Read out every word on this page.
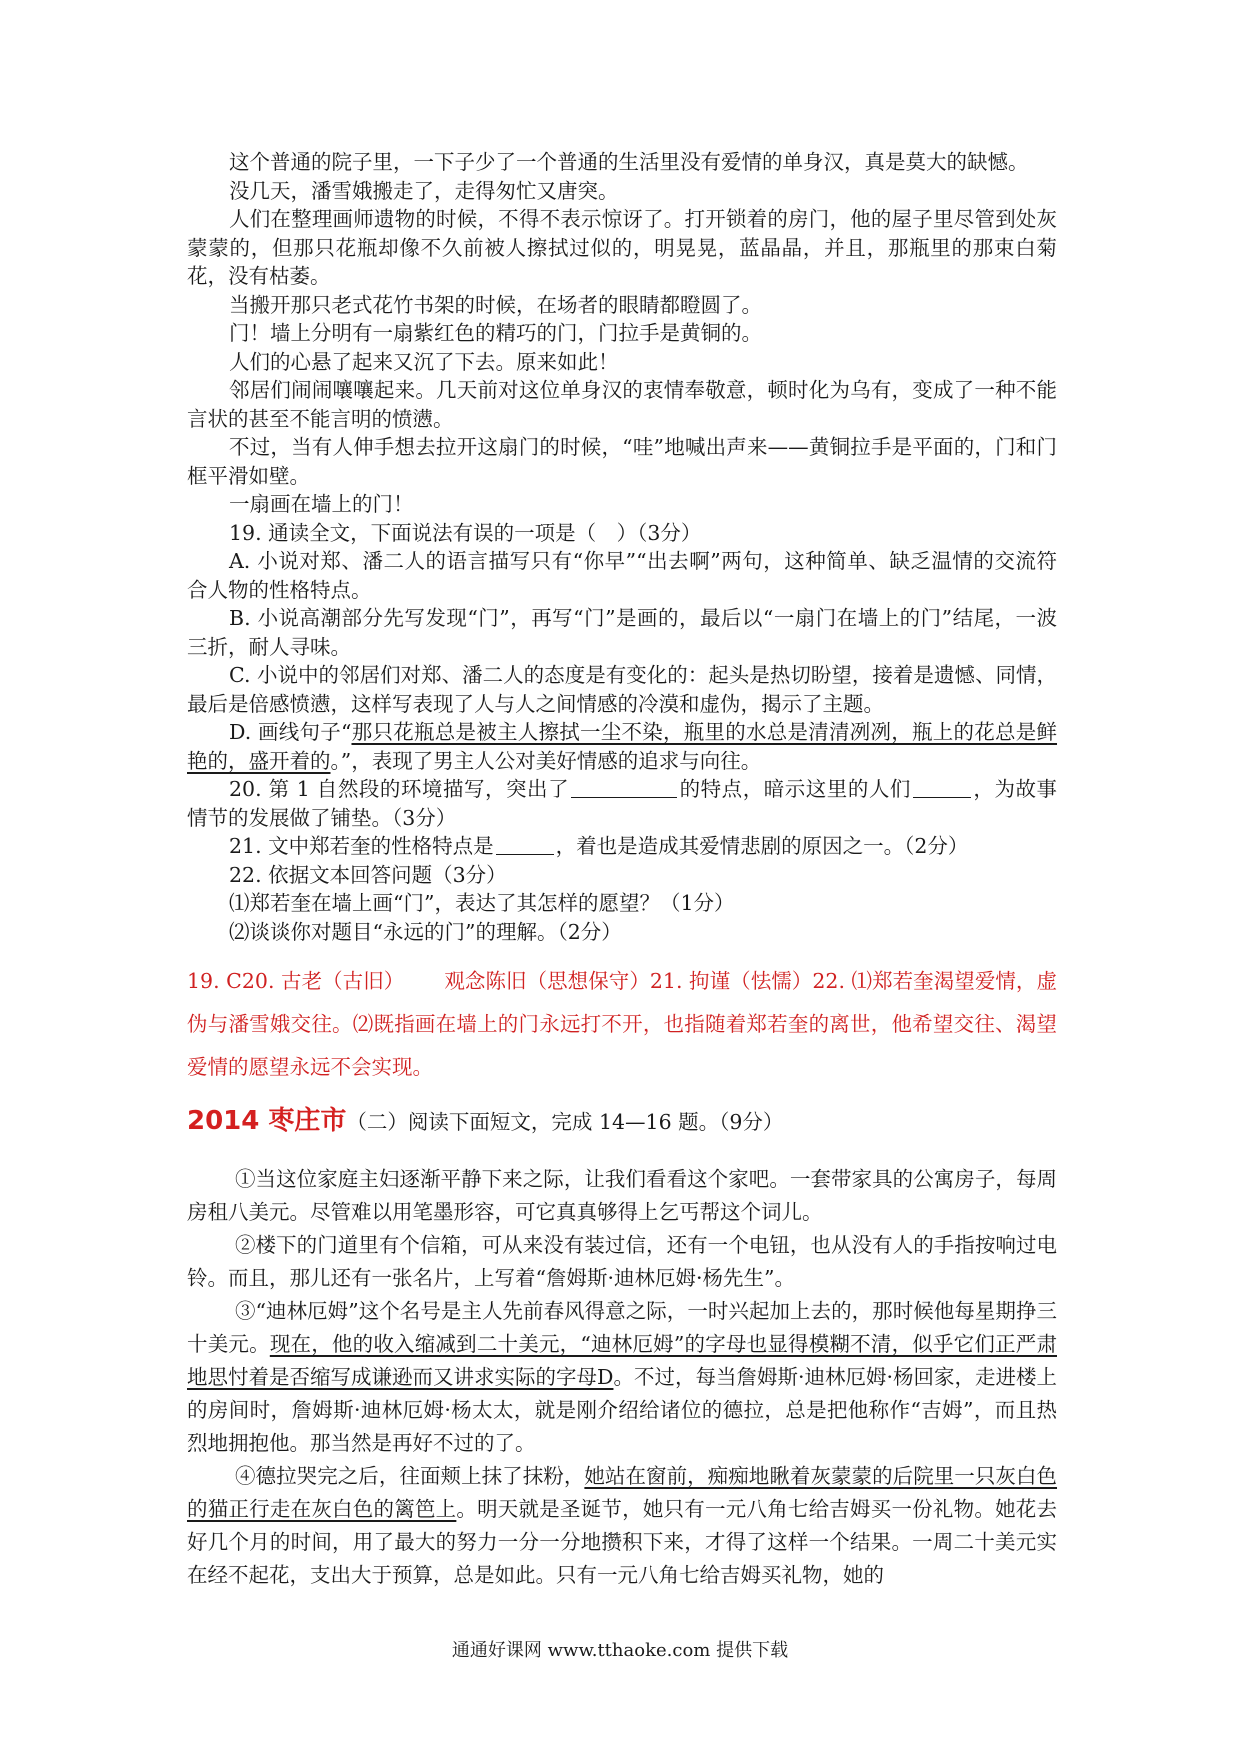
这个普通的院子里，一下子少了一个普通的生活里没有爱情的单身汉，真是莫大的缺憾。

没几天，潘雪娥搬走了，走得匆忙又唐突。

人们在整理画师遗物的时候，不得不表示惊讶了。打开锁着的房门，他的屋子里尽管到处灰蒙蒙的，但那只花瓶却像不久前被人擦拭过似的，明晃晃，蓝晶晶，并且，那瓶里的那束白菊花，没有枯萎。

当搬开那只老式花竹书架的时候，在场者的眼睛都瞪圆了。

门！墙上分明有一扇紫红色的精巧的门，门拉手是黄铜的。

人们的心悬了起来又沉了下去。原来如此！

邻居们闹闹嚷嚷起来。几天前对这位单身汉的衷情奉敬意，顿时化为乌有，变成了一种不能言状的甚至不能言明的愤懑。

不过，当有人伸手想去拉开这扇门的时候，“哇”地喊出声来——黄铜拉手是平面的，门和门框平滑如壁。

一扇画在墙上的门！

19. 通读全文，下面说法有误的一项是（　）（3分）

A. 小说对郑、潘二人的语言描写只有“你早”“出去啊”两句，这种简单、缺乏温情的交流符合人物的性格特点。

B. 小说高潮部分先写发现“门”，再写“门”是画的，最后以“一扇门在墙上的门”结尾，一波三折，耐人寻味。

C. 小说中的邻居们对郑、潘二人的态度是有变化的：起头是热切盼望，接着是遗憾、同情，最后是倍感愤懑，这样写表现了人与人之间情感的冷漠和虚伪，揭示了主题。

D. 画线句子“那只花瓶总是被主人擦拭一尘不染，瓶里的水总是清清冽冽，瓶上的花总是鲜艳的，盛开着的。”，表现了男主人公对美好情感的追求与向往。

20. 第 1 自然段的环境描写，突出了	的特点，暗示这里的人们	，为故事情节的发展做了铺垫。（3分）

21. 文中郑若奎的性格特点是	，着也是造成其爱情悲剧的原因之一。（2分）

22. 依据文本回答问题（3分）

⑴郑若奎在墙上画“门”，表达了其怎样的愿望？（1分）

⑵谈谈你对题目“永远的门”的理解。（2分）

19. C20. 古老（古旧） 观念陈旧（思想保守）21. 拘谨（怯懦）22. ⑴郑若奎渴望爱情，虚伪与潘雪娥交往。⑵既指画在墙上的门永远打不开，也指随着郑若奎的离世，他希望交往、渴望爱情的愿望永远不会实现。

2014 枣庄市（二）阅读下面短文，完成 14—16 题。（9分）

①当这位家庭主妇逐渐平静下来之际，让我们看看这个家吧。一套带家具的公寓房子，每周房租八美元。尽管难以用笔墨形容，可它真真够得上乞丐帮这个词儿。

②楼下的门道里有个信箱，可从来没有装过信，还有一个电钮，也从没有人的手指按响过电铃。而且，那儿还有一张名片，上写着“詹姆斯·迪林厄姆·杨先生”。

③“迪林厄姆”这个名号是主人先前春风得意之际，一时兴起加上去的，那时候他每星期挣三十美元。现在，他的收入缩减到二十美元，“迪林厄姆”的字母也显得模糊不清，似乎它们正严肃地思忖着是否缩写成谦逊而又讲求实际的字母D。不过，每当詹姆斯·迪林厄姆·杨回家，走进楼上的房间时，詹姆斯·迪林厄姆·杨太太，就是刚介绍给诸位的德拉，总是把他称作“吉姆”，而且热烈地拥抱他。那当然是再好不过的了。

④德拉哭完之后，往面颊上抹了抹粉，她站在窗前，痴痴地瞅着灰蒙蒙的后院里一只灰白色的猫正行走在灰白色的篱笆上。明天就是圣诞节，她只有一元八角七给吉姆买一份礼物。她花去好几个月的时间，用了最大的努力一分一分地攒积下来，才得了这样一个结果。一周二十美元实在经不起花，支出大于预算，总是如此。只有一元八角七给吉姆买礼物，她的

通通好课网 www.tthaoke.com 提供下载
